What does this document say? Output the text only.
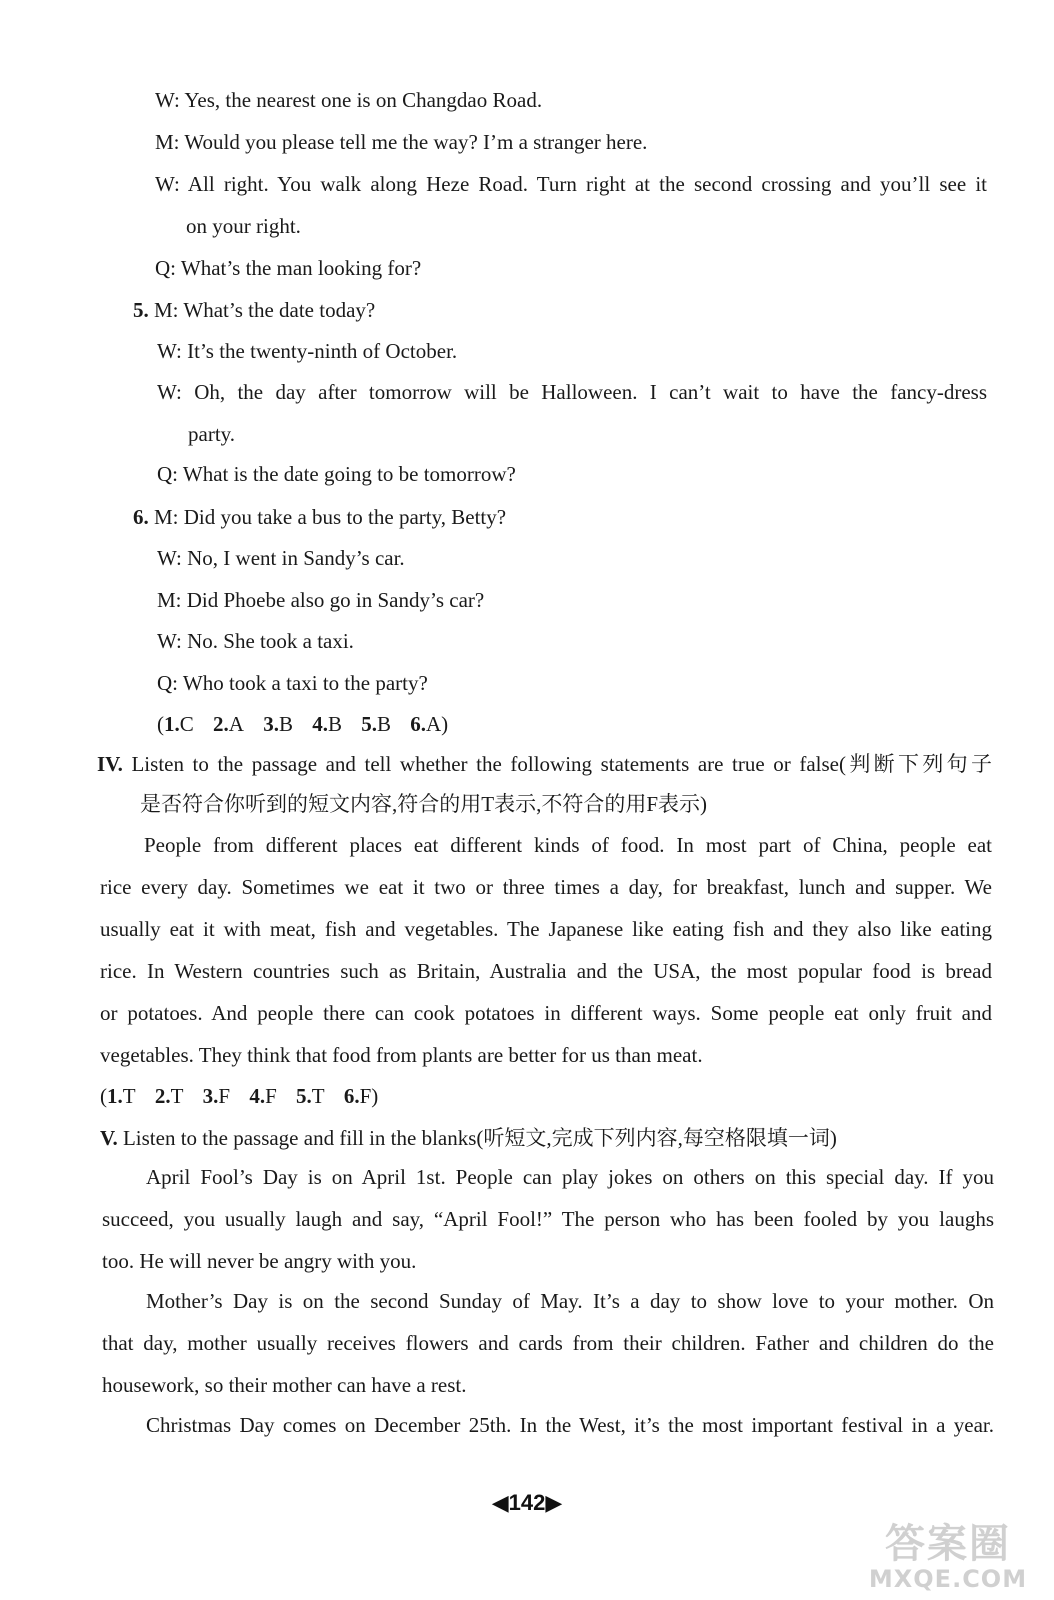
W: Yes, the nearest one is on Changdao Road.
M: Would you please tell me the way? I’m a stranger here.
W: All right. You walk along Heze Road. Turn right at the second crossing and you’ll see it
on your right.
Q: What’s the man looking for?
5. M: What’s the date today?
W: It’s the twenty-ninth of October.
W: Oh, the day after tomorrow will be Halloween. I can’t wait to have the fancy-dress
party.
Q: What is the date going to be tomorrow?
6. M: Did you take a bus to the party, Betty?
W: No, I went in Sandy’s car.
M: Did Phoebe also go in Sandy’s car?
W: No. She took a taxi.
Q: Who took a taxi to the party?
(1.C 2.A 3.B 4.B 5.B 6.A)
IV. Listen to the passage and tell whether the following statements are true or false(判断下列句子
是否符合你听到的短文内容,符合的用T表示,不符合的用F表示)
People from different places eat different kinds of food. In most part of China, people eat
rice every day. Sometimes we eat it two or three times a day, for breakfast, lunch and supper. We
usually eat it with meat, fish and vegetables. The Japanese like eating fish and they also like eating
rice. In Western countries such as Britain, Australia and the USA, the most popular food is bread
or potatoes. And people there can cook potatoes in different ways. Some people eat only fruit and
vegetables. They think that food from plants are better for us than meat.
(1.T 2.T 3.F 4.F 5.T 6.F)
V. Listen to the passage and fill in the blanks(听短文,完成下列内容,每空格限填一词)
April Fool’s Day is on April 1st. People can play jokes on others on this special day. If you
succeed, you usually laugh and say, “April Fool!” The person who has been fooled by you laughs
too. He will never be angry with you.
Mother’s Day is on the second Sunday of May. It’s a day to show love to your mother. On
that day, mother usually receives flowers and cards from their children. Father and children do the
housework, so their mother can have a rest.
Christmas Day comes on December 25th. In the West, it’s the most important festival in a year.
◀142▶
答案圈
MXQE.COM
